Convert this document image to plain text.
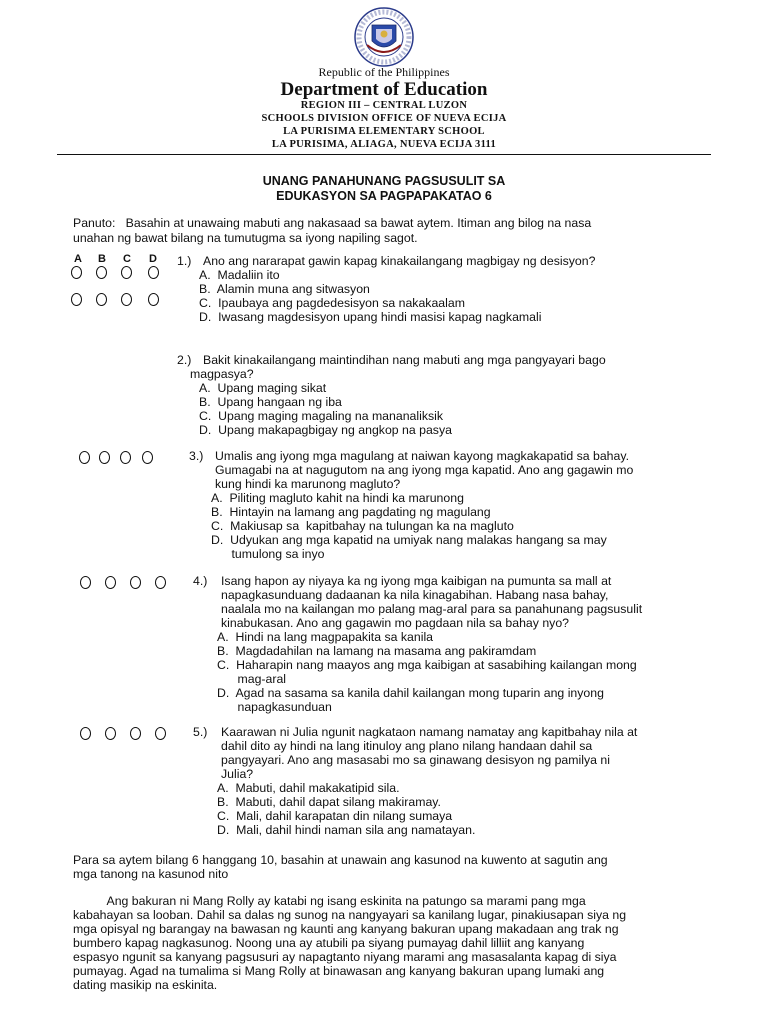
Republic of the Philippines
Department of Education
REGION III – CENTRAL LUZON
SCHOOLS DIVISION OFFICE OF NUEVA ECIJA
LA PURISIMA ELEMENTARY SCHOOL
LA PURISIMA, ALIAGA, NUEVA ECIJA 3111
UNANG PANAHUNANG PAGSUSULIT SA
EDUKASYON SA PAGPAPAKATAO 6
Panuto:   Basahin at unawaing mabuti ang nakasaad sa bawat aytem. Itiman ang bilog na nasa
unahan ng bawat bilang na tumutugma sa iyong napiling sagot.
A B C D 1.) Ano ang nararapat gawin kapag kinakailangang magbigay ng desisyon?
A.  Madaliin ito
B.  Alamin muna ang sitwasyon
C.  Ipaubaya ang pagdedesisyon sa nakakaalam
D.  Iwasang magdesisyon upang hindi masisi kapag nagkamali
2.) Bakit kinakailangang maintindihan nang mabuti ang mga pangyayari bago
magpasya?
A.  Upang maging sikat
B.  Upang hangaan ng iba
C.  Upang maging magaling na mananaliksik
D.  Upang makapagbigay ng angkop na pasya
3.) Umalis ang iyong mga magulang at naiwan kayong magkakapatid sa bahay.
Gumagabi na at nagugutom na ang iyong mga kapatid. Ano ang gagawin mo
kung hindi ka marunong magluto?
A.  Piliting magluto kahit na hindi ka marunong
B.  Hintayin na lamang ang pagdating ng magulang
C.  Makiusap sa  kapitbahay na tulungan ka na magluto
D.  Udyukan ang mga kapatid na umiyak nang malakas hangang sa may
tumulong sa inyo
4.) Isang hapon ay niyaya ka ng iyong mga kaibigan na pumunta sa mall at
napagkasunduang dadaanan ka nila kinagabihan. Habang nasa bahay,
naalala mo na kailangan mo palang mag-aral para sa panahunang pagsusulit
kinabukasan. Ano ang gagawin mo pagdaan nila sa bahay nyo?
A.  Hindi na lang magpapakita sa kanila
B.  Magdadahilan na lamang na masama ang pakiramdam
C.  Haharapin nang maayos ang mga kaibigan at sasabihing kailangan mong
mag-aral
D.  Agad na sasama sa kanila dahil kailangan mong tuparin ang inyong
napagkasunduan
5.) Kaarawan ni Julia ngunit nagkataon namang namatay ang kapitbahay nila at
dahil dito ay hindi na lang itinuloy ang plano nilang handaan dahil sa
pangyayari. Ano ang masasabi mo sa ginawang desisyon ng pamilya ni
Julia?
A.  Mabuti, dahil makakatipid sila.
B.  Mabuti, dahil dapat silang makiramay.
C.  Mali, dahil karapatan din nilang sumaya
D.  Mali, dahil hindi naman sila ang namatayan.
Para sa aytem bilang 6 hanggang 10, basahin at unawain ang kasunod na kuwento at sagutin ang
mga tanong na kasunod nito
Ang bakuran ni Mang Rolly ay katabi ng isang eskinita na patungo sa marami pang mga
kabahayan sa looban. Dahil sa dalas ng sunog na nangyayari sa kanilang lugar, pinakiusapan siya ng
mga opisyal ng barangay na bawasan ng kaunti ang kanyang bakuran upang makadaan ang trak ng
bumbero kapag nagkasunog. Noong una ay atubili pa siyang pumayag dahil lilliit ang kanyang
espasyo ngunit sa kanyang pagsusuri ay napagtanto niyang marami ang masasalanta kapag di siya
pumayag. Agad na tumalima si Mang Rolly at binawasan ang kanyang bakuran upang lumaki ang
dating masikip na eskinita.
